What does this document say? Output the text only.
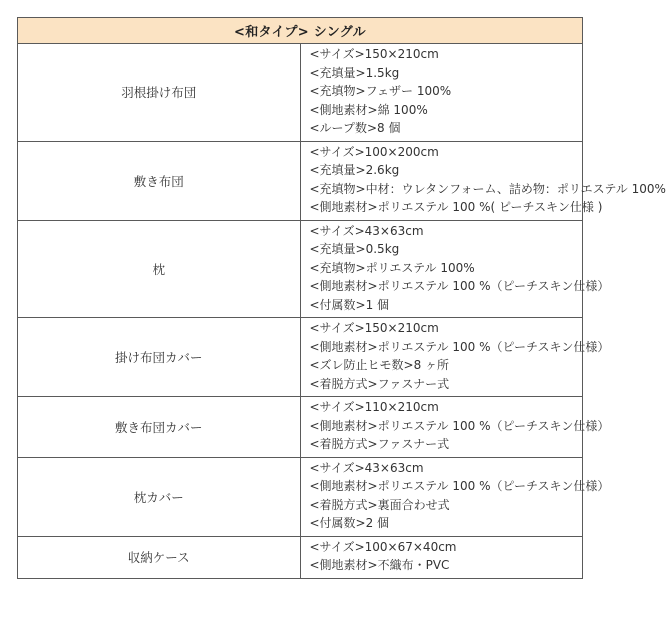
<和タイプ> シングル	
羽根掛け布団	<サイズ>150×210cm
<充填量>1.5kg
<充填物>フェザー 100%
<側地素材>綿 100%
<ループ数>8 個

敷き布団	<サイズ>100×200cm
<充填量>2.6kg
<充填物>中材：ウレタンフォーム、詰め物：ポリエステル 100%
<側地素材>ポリエステル 100 %( ピーチスキン仕様 )

枕	<サイズ>43×63cm
<充填量>0.5kg
<充填物>ポリエステル 100%
<側地素材>ポリエステル 100 %（ピーチスキン仕様）
<付属数>1 個

掛け布団カバー	<サイズ>150×210cm
<側地素材>ポリエステル 100 %（ピーチスキン仕様）
<ズレ防止ヒモ数>8 ヶ所
<着脱方式>ファスナー式

敷き布団カバー	<サイズ>110×210cm
<側地素材>ポリエステル 100 %（ピーチスキン仕様）
<着脱方式>ファスナー式

枕カバー	<サイズ>43×63cm
<側地素材>ポリエステル 100 %（ピーチスキン仕様）
<着脱方式>裏面合わせ式
<付属数>2 個

収納ケース	<サイズ>100×67×40cm
<側地素材>不織布・PVC
